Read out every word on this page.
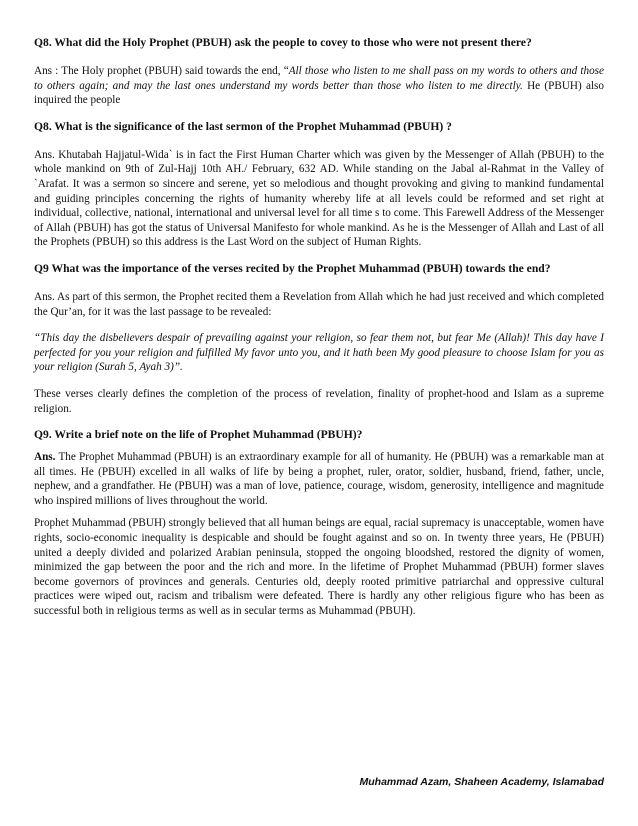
Q8. What did the Holy Prophet (PBUH) ask the people to covey to those who were not present there?

Ans : The Holy prophet (PBUH) said towards the end, “All those who listen to me shall pass on my words to others and those to others again; and may the last ones understand my words better than those who listen to me directly. He (PBUH) also inquired the people

Q8. What is the significance of the last sermon of the Prophet Muhammad (PBUH) ?

Ans. Khutabah Hajjatul-Wida` is in fact the First Human Charter which was given by the Messenger of Allah (PBUH) to the whole mankind on 9th of Zul-Hajj 10th AH./ February, 632 AD. While standing on the Jabal al-Rahmat in the Valley of `Arafat. It was a sermon so sincere and serene, yet so melodious and thought provoking and giving to mankind fundamental and guiding principles concerning the rights of humanity whereby life at all levels could be reformed and set right at individual, collective, national, international and universal level for all time s to come. This Farewell Address of the Messenger of Allah (PBUH) has got the status of Universal Manifesto for whole mankind. As he is the Messenger of Allah and Last of all the Prophets (PBUH) so this address is the Last Word on the subject of Human Rights.

Q9 What was the importance of the verses recited by the Prophet Muhammad (PBUH) towards the end?

Ans. As part of this sermon, the Prophet recited them a Revelation from Allah which he had just received and which completed the Qur’an, for it was the last passage to be revealed:

“This day the disbelievers despair of prevailing against your religion, so fear them not, but fear Me (Allah)! This day have I perfected for you your religion and fulfilled My favor unto you, and it hath been My good pleasure to choose Islam for you as your religion (Surah 5, Ayah 3)”.

These verses clearly defines the completion of the process of revelation, finality of prophet-hood and Islam as a supreme religion.

Q9. Write a brief note on the life of Prophet Muhammad (PBUH)?

Ans. The Prophet Muhammad (PBUH) is an extraordinary example for all of humanity. He (PBUH) was a remarkable man at all times. He (PBUH) excelled in all walks of life by being a prophet, ruler, orator, soldier, husband, friend, father, uncle, nephew, and a grandfather. He (PBUH) was a man of love, patience, courage, wisdom, generosity, intelligence and magnitude who inspired millions of lives throughout the world.

Prophet Muhammad (PBUH) strongly believed that all human beings are equal, racial supremacy is unacceptable, women have rights, socio-economic inequality is despicable and should be fought against and so on. In twenty three years, He (PBUH) united a deeply divided and polarized Arabian peninsula, stopped the ongoing bloodshed, restored the dignity of women, minimized the gap between the poor and the rich and more. In the lifetime of Prophet Muhammad (PBUH) former slaves become governors of provinces and generals. Centuries old, deeply rooted primitive patriarchal and oppressive cultural practices were wiped out, racism and tribalism were defeated. There is hardly any other religious figure who has been as successful both in religious terms as well as in secular terms as Muhammad (PBUH).

Muhammad Azam, Shaheen Academy, Islamabad
